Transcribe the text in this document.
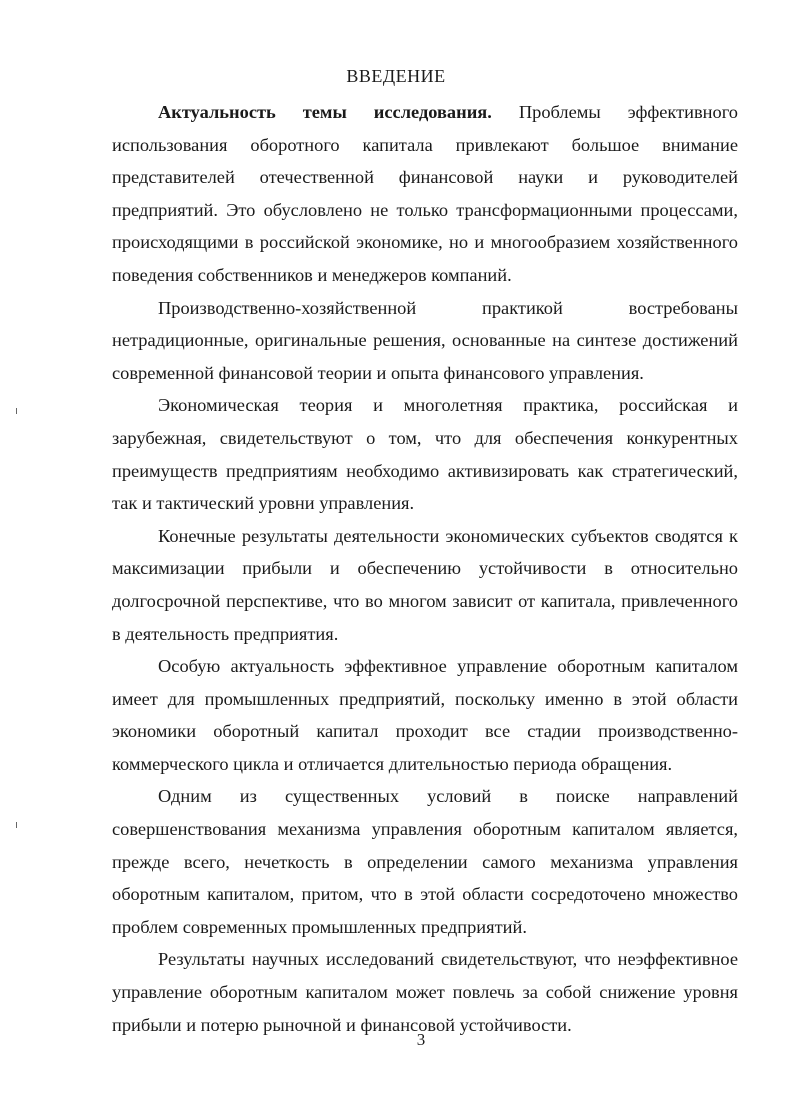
ВВЕДЕНИЕ

Актуальность темы исследования. Проблемы эффективного использования оборотного капитала привлекают большое внимание представителей отечественной финансовой науки и руководителей предприятий. Это обусловлено не только трансформационными процессами, происходящими в российской экономике, но и многообразием хозяйственного поведения собственников и менеджеров компаний.

Производственно-хозяйственной практикой востребованы нетрадиционные, оригинальные решения, основанные на синтезе достижений современной финансовой теории и опыта финансового управления.

Экономическая теория и многолетняя практика, российская и зарубежная, свидетельствуют о том, что для обеспечения конкурентных преимуществ предприятиям необходимо активизировать как стратегический, так и тактический уровни управления.

Конечные результаты деятельности экономических субъектов сводятся к максимизации прибыли и обеспечению устойчивости в относительно долгосрочной перспективе, что во многом зависит от капитала, привлеченного в деятельность предприятия.

Особую актуальность эффективное управление оборотным капиталом имеет для промышленных предприятий, поскольку именно в этой области экономики оборотный капитал проходит все стадии производственно-коммерческого цикла и отличается длительностью периода обращения.

Одним из существенных условий в поиске направлений совершенствования механизма управления оборотным капиталом является, прежде всего, нечеткость в определении самого механизма управления оборотным капиталом, притом, что в этой области сосредоточено множество проблем современных промышленных предприятий.

Результаты научных исследований свидетельствуют, что неэффективное управление оборотным капиталом может повлечь за собой снижение уровня прибыли и потерю рыночной и финансовой устойчивости.

3
